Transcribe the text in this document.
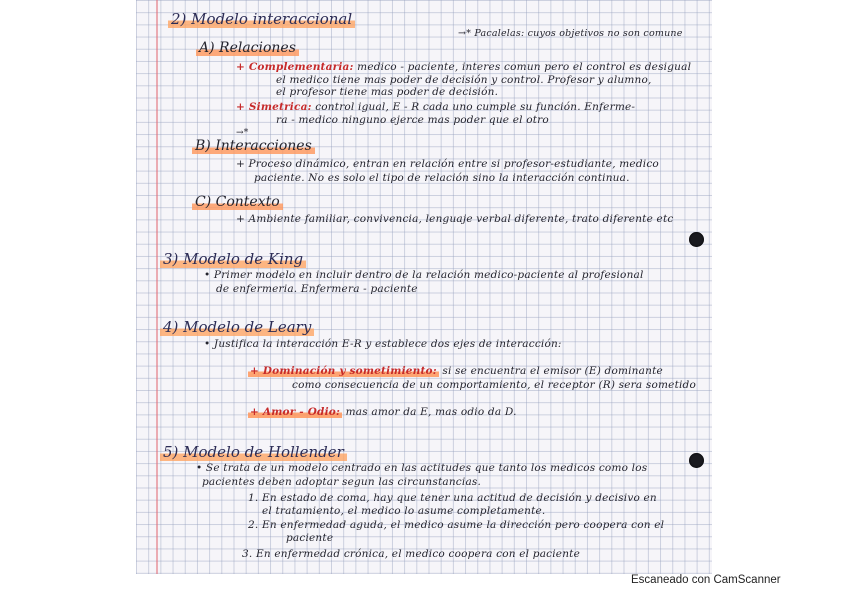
2) Modelo interaccional
→* Pacalelas: cuyos objetivos no son comune
A) Relaciones
+ Complementaria: medico - paciente, interes comun pero el control es desigual
el medico tiene mas poder de decisión y control. Profesor y alumno,
el profesor tiene mas poder de decisión.
+ Simetrica: control igual, E - R cada uno cumple su función. Enferme-
ra - medico ninguno ejerce mas poder que el otro
→*
B) Interacciones
+ Proceso dinámico, entran en relación entre si profesor-estudiante, medico
paciente. No es solo el tipo de relación sino la interacción continua.
C) Contexto
+ Ambiente familiar, convivencia, lenguaje verbal diferente, trato diferente etc
3) Modelo de King
• Primer modelo en incluir dentro de la relación medico-paciente al profesional
de enfermeria. Enfermera - paciente
4) Modelo de Leary
• Justifica la interacción E-R y establece dos ejes de interacción:
+ Dominación y sometimiento: si se encuentra el emisor (E) dominante
como consecuencia de un comportamiento, el receptor (R) sera sometido
+ Amor - Odio: mas amor da E, mas odio da D.
5) Modelo de Hollender
• Se trata de un modelo centrado en las actitudes que tanto los medicos como los
pacientes deben adoptar segun las circunstancias.
1. En estado de coma, hay que tener una actitud de decisión y decisivo en
el tratamiento, el medico lo asume completamente.
2. En enfermedad aguda, el medico asume la dirección pero coopera con el
paciente
3. En enfermedad crónica, el medico coopera con el paciente
Escaneado con CamScanner
